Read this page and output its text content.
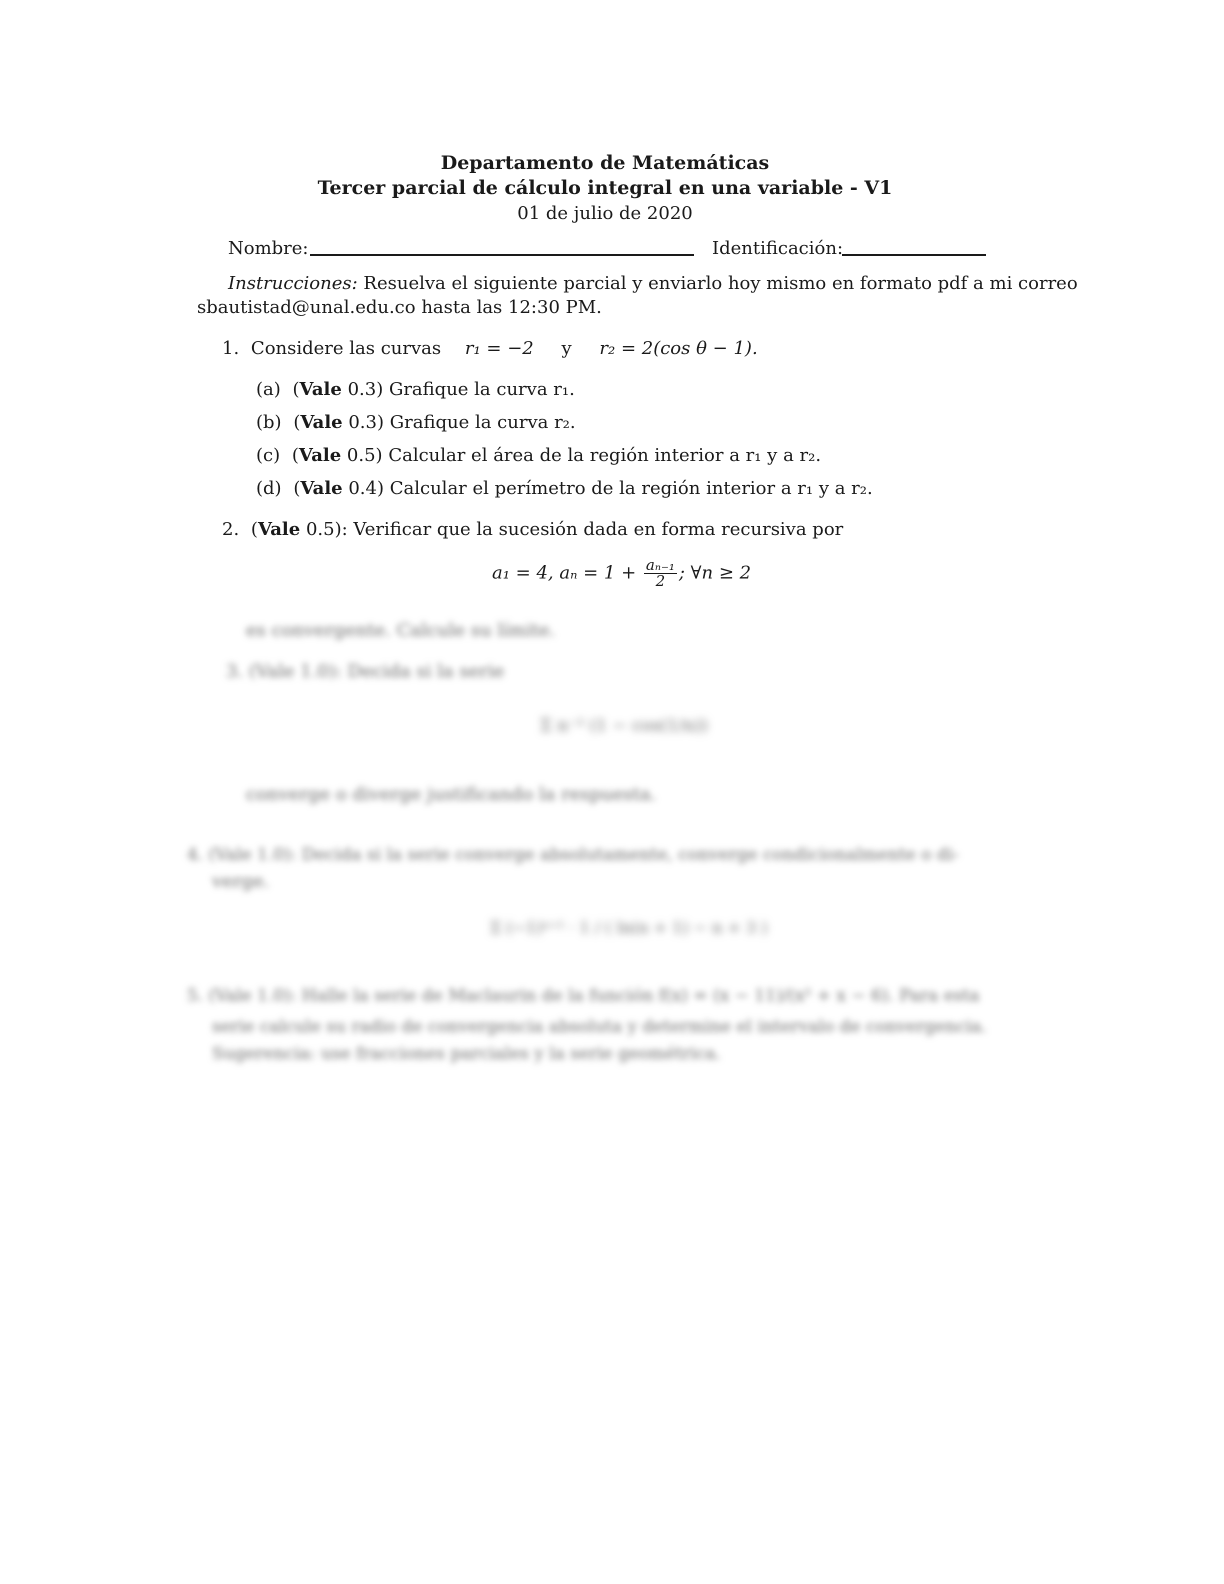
Departamento de Matemáticas
Tercer parcial de cálculo integral en una variable - V1
01 de julio de 2020
Nombre:	Identificación:
Instrucciones: Resuelva el siguiente parcial y enviarlo hoy mismo en formato pdf a mi correo
sbautistad@unal.edu.co hasta las 12:30 PM.
1. Considere las curvas r₁ = −2 y r₂ = 2(cos θ − 1).
(a) (Vale 0.3) Grafique la curva r₁.
(b) (Vale 0.3) Grafique la curva r₂.
(c) (Vale 0.5) Calcular el área de la región interior a r₁ y a r₂.
(d) (Vale 0.4) Calcular el perímetro de la región interior a r₁ y a r₂.
2. (Vale 0.5): Verificar que la sucesión dada en forma recursiva por
a₁ = 4, $a_n = 1 + \frac{\text{aₙ₋₁}}{2}$ ; ∀n ≥ 2
es convergente. Calcule su límite.
3. (Vale 1.0): Decida si la serie
Σ n⁻² (1 − cos(1/n))
converge o diverge justificando la respuesta.
4. (Vale 1.0): Decida si la serie converge absolutamente, converge condicionalmente o di-
verge.
Σ (−1)ⁿ⁺¹ · 1 / ( ln(n + 1) − n + 3 )
5. (Vale 1.0): Halle la serie de Maclaurin de la función f(x) = (x − 11)/(x² + x − 6). Para esta
serie calcule su radio de convergencia absoluta y determine el intervalo de convergencia.
Sugerencia: use fracciones parciales y la serie geométrica.
